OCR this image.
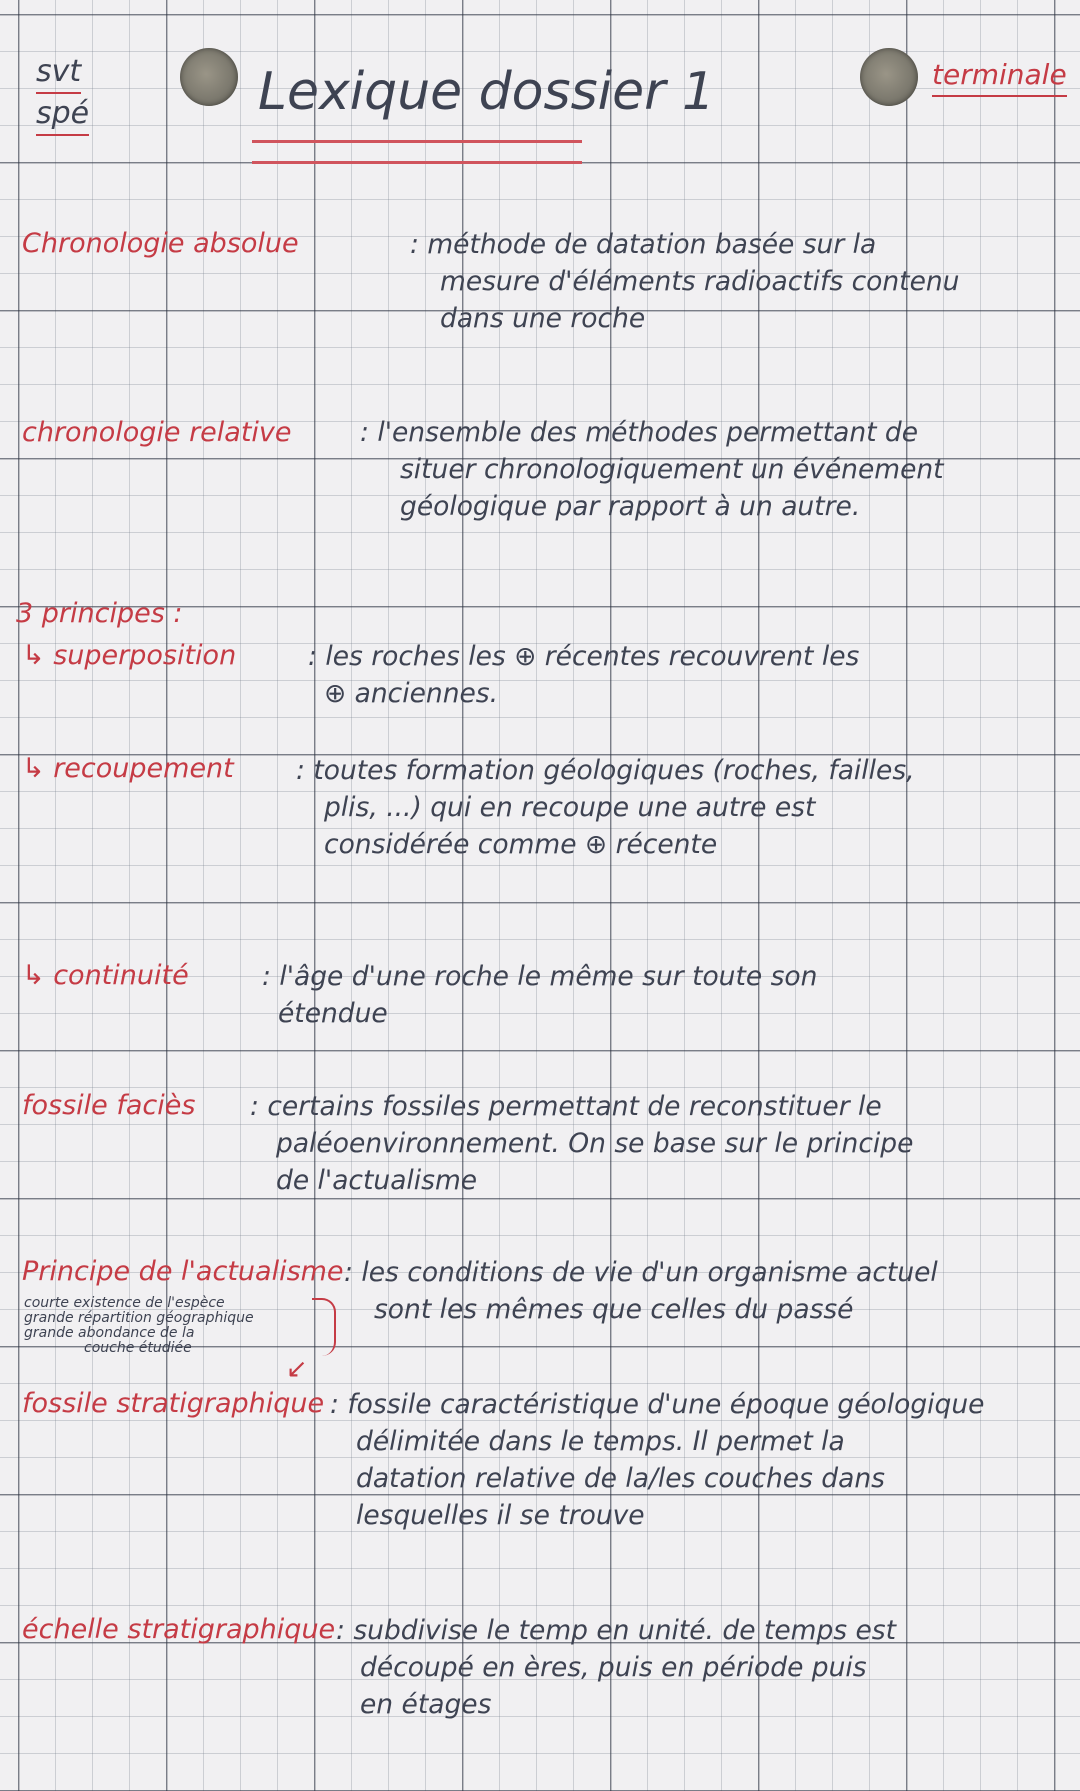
svt
spé	Lexique dossier 1	terminale
Chronologie absolue	: méthode de datation basée sur la
mesure d'éléments radioactifs contenu
dans une roche
chronologie relative	: l'ensemble des méthodes permettant de
situer chronologiquement un événement
géologique par rapport à un autre.
3 principes :
↳ superposition	: les roches les ⊕ récentes recouvrent les
⊕ anciennes.
↳ recoupement : toutes formation géologiques (roches, failles,
plis, ...) qui en recoupe une autre est
considérée comme ⊕ récente
↳ continuité	: l'âge d'une roche le même sur toute son
étendue
fossile faciès : certains fossiles permettant de reconstituer le
paléoenvironnement. On se base sur le principe
de l'actualisme
Principe de l'actualisme : les conditions de vie d'un organisme actuel
sont les mêmes que celles du passé
courte existence de l'espèce
grande répartition géographique
grande abondance de la
couche étudiée
↙
fossile stratigraphique : fossile caractéristique d'une époque géologique
délimitée dans le temps. Il permet la
datation relative de la/les couches dans
lesquelles il se trouve
échelle stratigraphique : subdivise le temp en unité. de temps est
découpé en ères, puis en période puis
en étages
